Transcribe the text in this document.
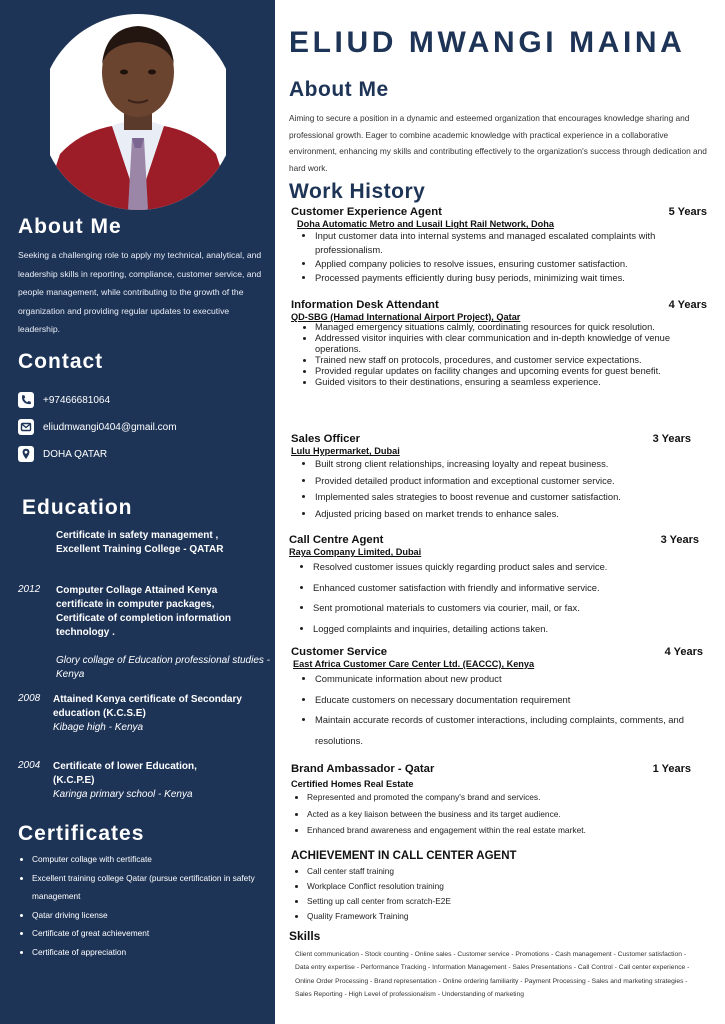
About Me
Seeking a challenging role to apply my technical, analytical, and leadership skills in reporting, compliance, customer service, and people management, while contributing to the growth of the organization and providing regular updates to executive leadership.
Contact
+97466681064
eliudmwangi0404@gmail.com
DOHA QATAR
Education
Certificate in safety management , Excellent Training College - QATAR
2012 Computer Collage Attained Kenya certificate in computer packages, Certificate of completion information technology .
Glory collage of Education professional studies - Kenya
2008 Attained Kenya certificate of Secondary education (K.C.S.E)
Kibage high - Kenya
2004 Certificate of lower Education, (K.C.P.E)
Karinga primary school - Kenya
Certificates
• Computer collage with certificate
• Excellent training college Qatar (pursue certification in safety management
• Qatar driving license
• Certificate of great achievement
• Certificate of appreciation
ELIUD MWANGI MAINA
About Me
Aiming to secure a position in a dynamic and esteemed organization that encourages knowledge sharing and professional growth. Eager to combine academic knowledge with practical experience in a collaborative environment, enhancing my skills and contributing effectively to the organization's success through dedication and hard work.
Work History
Customer Experience Agent	5 Years
Doha Automatic Metro and Lusail Light Rail Network, Doha
• Input customer data into internal systems and managed escalated complaints with professionalism.
• Applied company policies to resolve issues, ensuring customer satisfaction.
• Processed payments efficiently during busy periods, minimizing wait times.
Information Desk Attendant	4 Years
QD-SBG (Hamad International Airport Project), Qatar
• Managed emergency situations calmly, coordinating resources for quick resolution.
• Addressed visitor inquiries with clear communication and in-depth knowledge of venue operations.
• Trained new staff on protocols, procedures, and customer service expectations.
• Provided regular updates on facility changes and upcoming events for guest benefit.
• Guided visitors to their destinations, ensuring a seamless experience.
Sales Officer	3 Years
Lulu Hypermarket, Dubai
• Built strong client relationships, increasing loyalty and repeat business.
• Provided detailed product information and exceptional customer service.
• Implemented sales strategies to boost revenue and customer satisfaction.
• Adjusted pricing based on market trends to enhance sales.
Call Centre Agent	3 Years
Raya Company Limited, Dubai
• Resolved customer issues quickly regarding product sales and service.
• Enhanced customer satisfaction with friendly and informative service.
• Sent promotional materials to customers via courier, mail, or fax.
• Logged complaints and inquiries, detailing actions taken.
Customer Service	4 Years
East Africa Customer Care Center Ltd. (EACCC), Kenya
• Communicate information about new product
• Educate customers on necessary documentation requirement
• Maintain accurate records of customer interactions, including complaints, comments, and resolutions.
Brand Ambassador - Qatar	1 Years
Certified Homes Real Estate
• Represented and promoted the company's brand and services.
• Acted as a key liaison between the business and its target audience.
• Enhanced brand awareness and engagement within the real estate market.
ACHIEVEMENT IN CALL CENTER AGENT
• Call center staff training
• Workplace Conflict resolution training
• Setting up call center from scratch-E2E
• Quality Framework Training
Skills
Client communication - Stock counting - Online sales - Customer service - Promotions - Cash management - Customer satisfaction - Data entry expertise - Performance Tracking - Information Management - Sales Presentations - Call Control - Call center experience - Online Order Processing - Brand representation - Online ordering familiarity - Payment Processing - Sales and marketing strategies - Sales Reporting - High Level of professionalism - Understanding of marketing
